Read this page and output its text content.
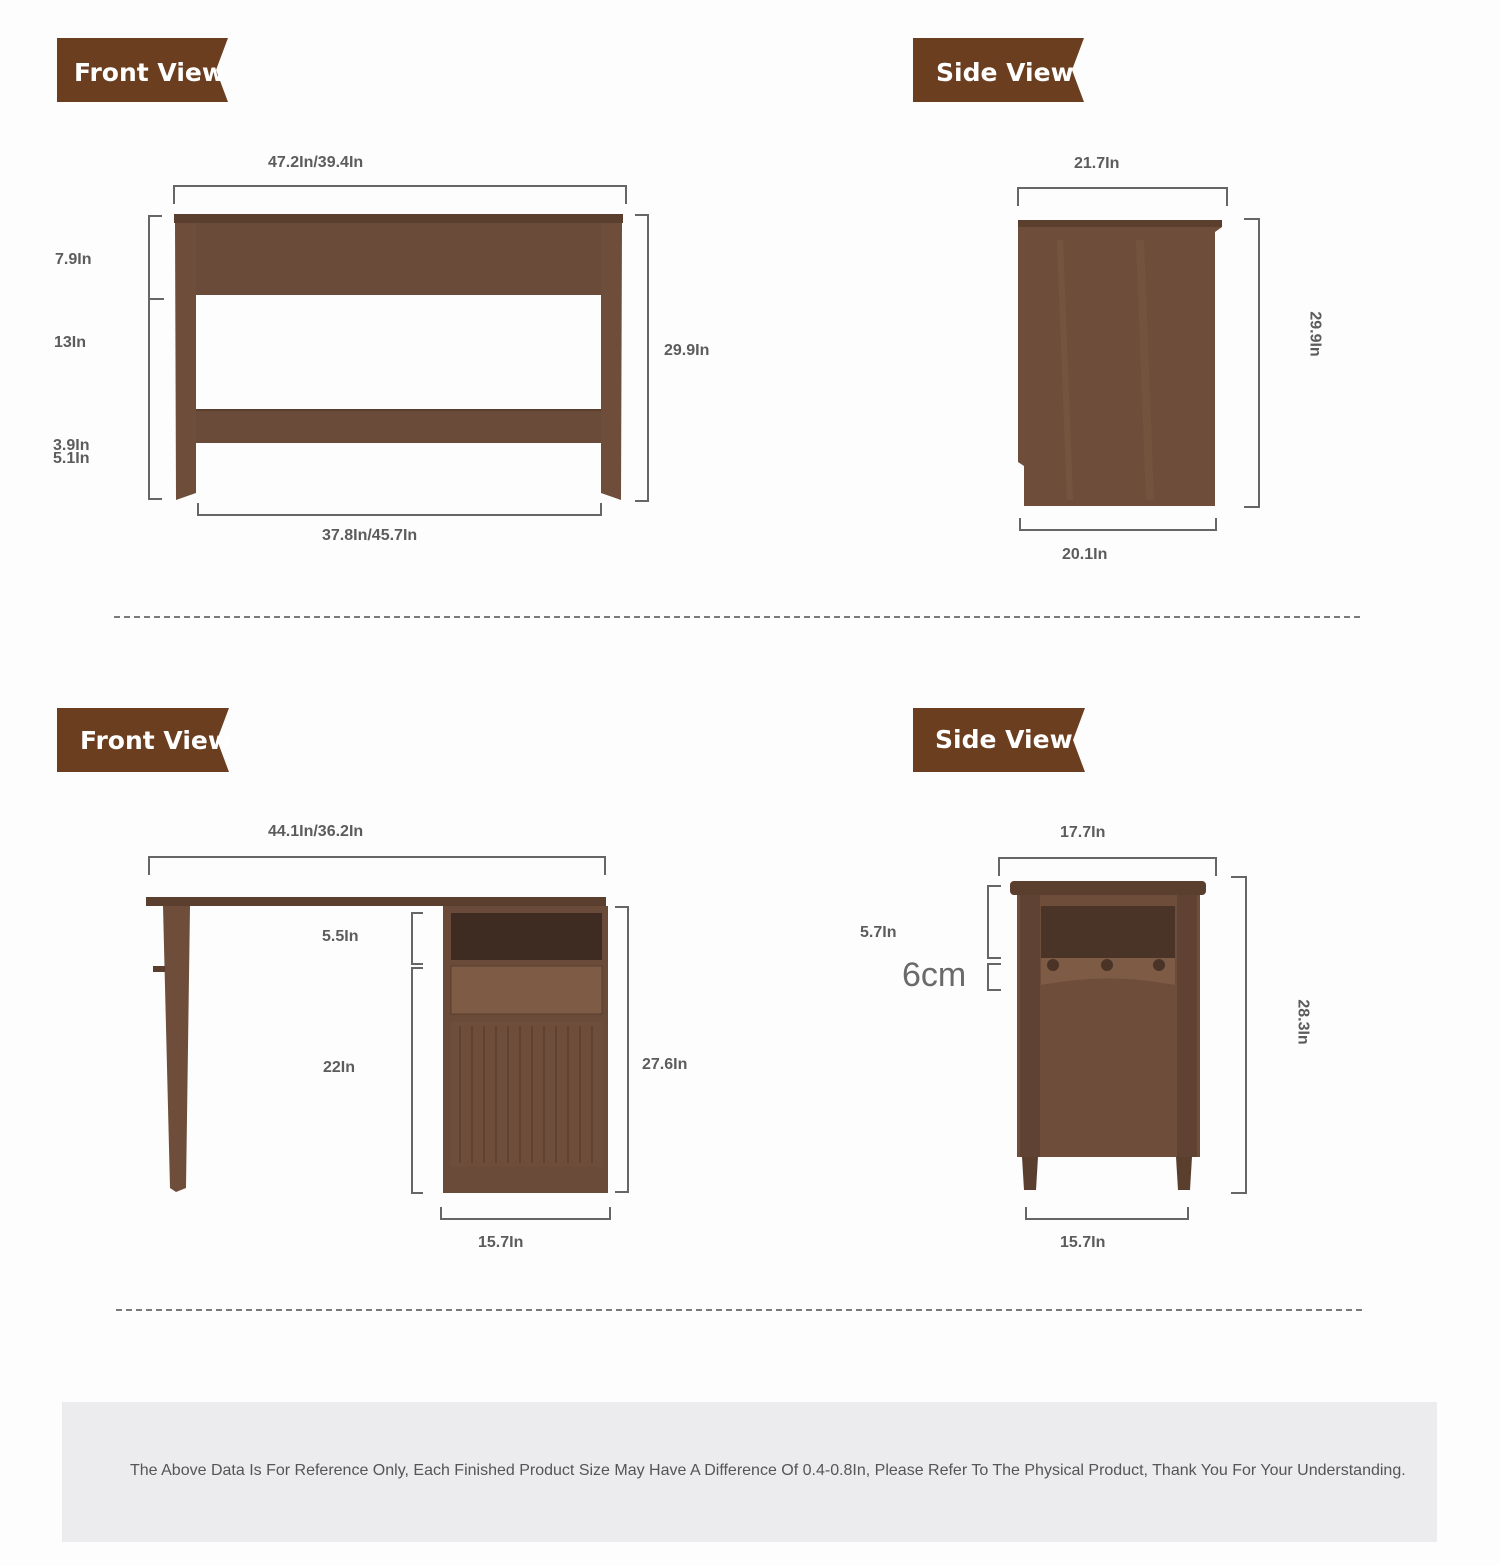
Front View	Side View
Front View	Side View
47.2In/39.4In
7.9In
13In
3.9In
5.1In
29.9In
37.8In/45.7In
21.7In
29.9In
20.1In
44.1In/36.2In
5.5In
22In	27.6In
15.7In
17.7In
5.7In
6cm
28.3In
15.7In
The Above Data Is For Reference Only, Each Finished Product Size May Have A Difference Of 0.4-0.8In, Please Refer To The Physical Product, Thank You For Your Understanding.
